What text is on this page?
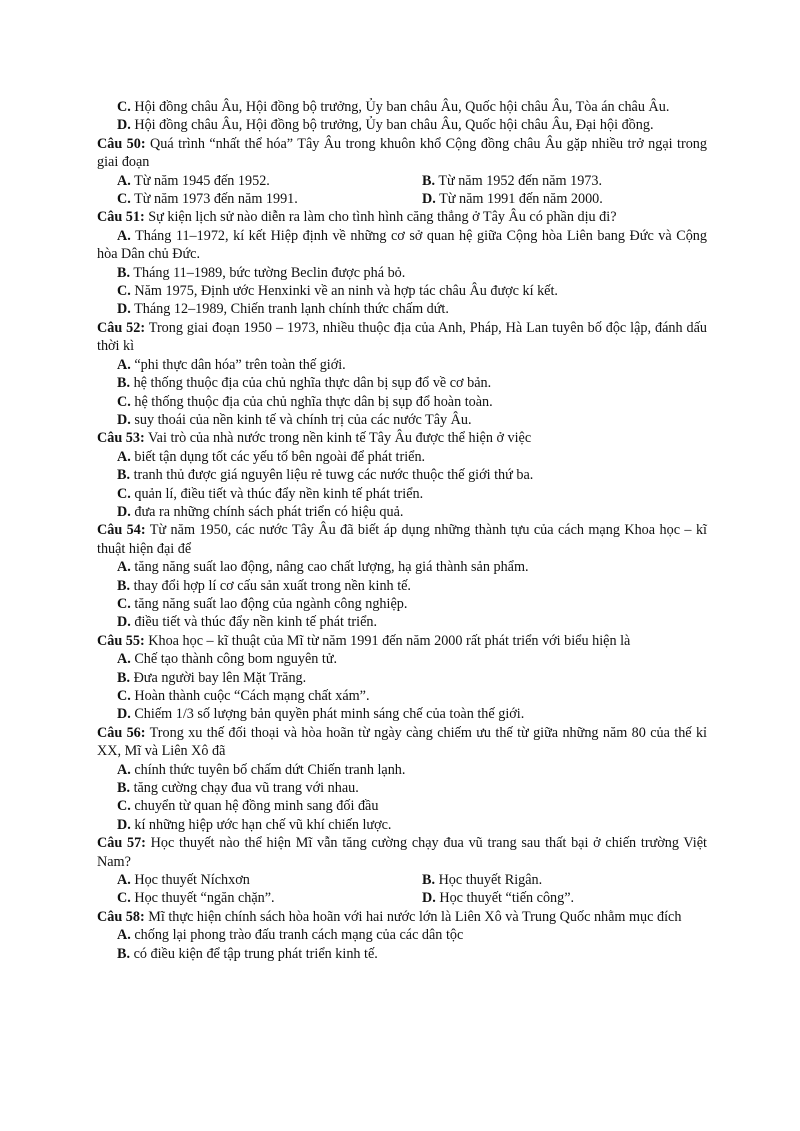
C. Hội đồng châu Âu, Hội đồng bộ trưởng, Ủy ban châu Âu, Quốc hội châu Âu, Tòa án châu Âu.

D. Hội đồng châu Âu, Hội đồng bộ trưởng, Ủy ban châu Âu, Quốc hội châu Âu, Đại hội đồng.

Câu 50: Quá trình “nhất thể hóa” Tây Âu trong khuôn khổ Cộng đồng châu Âu gặp nhiều trở ngại trong giai đoạn

A. Từ năm 1945 đến 1952.	B. Từ năm 1952 đến năm 1973.
C. Từ năm 1973 đến năm 1991.	D. Từ năm 1991 đến năm 2000.

Câu 51: Sự kiện lịch sử nào diễn ra làm cho tình hình căng thẳng ở Tây Âu có phần dịu đi?

A. Tháng 11–1972, kí kết Hiệp định về những cơ sở quan hệ giữa Cộng hòa Liên bang Đức và Cộng hòa Dân chủ Đức.

B. Tháng 11–1989, bức tường Beclin được phá bỏ.

C. Năm 1975, Định ước Henxinki về an ninh và hợp tác châu Âu được kí kết.

D. Tháng 12–1989, Chiến tranh lạnh chính thức chấm dứt.

Câu 52: Trong giai đoạn 1950 – 1973, nhiều thuộc địa của Anh, Pháp, Hà Lan tuyên bố độc lập, đánh dấu thời kì

A. “phi thực dân hóa” trên toàn thế giới.

B. hệ thống thuộc địa của chủ nghĩa thực dân bị sụp đổ về cơ bản.

C. hệ thống thuộc địa của chủ nghĩa thực dân bị sụp đổ hoàn toàn.

D. suy thoái của nền kinh tế và chính trị của các nước Tây Âu.

Câu 53: Vai trò của nhà nước trong nền kinh tế Tây Âu được thể hiện ở việc

A. biết tận dụng tốt các yếu tố bên ngoài để phát triển.

B. tranh thủ được giá nguyên liệu rẻ tuwg các nước thuộc thế giới thứ ba.

C. quản lí, điều tiết và thúc đẩy nền kinh tế phát triển.

D. đưa ra những chính sách phát triển có hiệu quả.

Câu 54: Từ năm 1950, các nước Tây Âu đã biết áp dụng những thành tựu của cách mạng Khoa học – kĩ thuật hiện đại để

A. tăng năng suất lao động, nâng cao chất lượng, hạ giá thành sản phẩm.

B. thay đổi hợp lí cơ cấu sản xuất trong nền kinh tế.

C. tăng năng suất lao động của ngành công nghiệp.

D. điều tiết và thúc đẩy nền kinh tế phát triển.

Câu 55: Khoa học – kĩ thuật của Mĩ từ năm 1991 đến năm 2000 rất phát triển với biểu hiện là

A. Chế tạo thành công bom nguyên tử.

B. Đưa người bay lên Mặt Trăng.

C. Hoàn thành cuộc “Cách mạng chất xám”.

D. Chiếm 1/3 số lượng bản quyền phát minh sáng chế của toàn thế giới.

Câu 56: Trong xu thế đối thoại và hòa hoãn từ ngày càng chiếm ưu thế từ giữa những năm 80 của thế kỉ XX, Mĩ và Liên Xô đã

A. chính thức tuyên bố chấm dứt Chiến tranh lạnh.

B. tăng cường chạy đua vũ trang với nhau.

C. chuyển từ quan hệ đồng minh sang đối đầu

D. kí những hiệp ước hạn chế vũ khí chiến lược.

Câu 57: Học thuyết nào thể hiện Mĩ vẫn tăng cường chạy đua vũ trang sau thất bại ở chiến trường Việt Nam?

A. Học thuyết Níchxơn	B. Học thuyết Rigân.
C. Học thuyết “ngăn chặn”.	D. Học thuyết “tiến công”.

Câu 58: Mĩ thực hiện chính sách hòa hoãn với hai nước lớn là Liên Xô và Trung Quốc nhằm mục đích

A. chống lại phong trào đấu tranh cách mạng của các dân tộc

B. có điều kiện để tập trung phát triển kinh tế.
